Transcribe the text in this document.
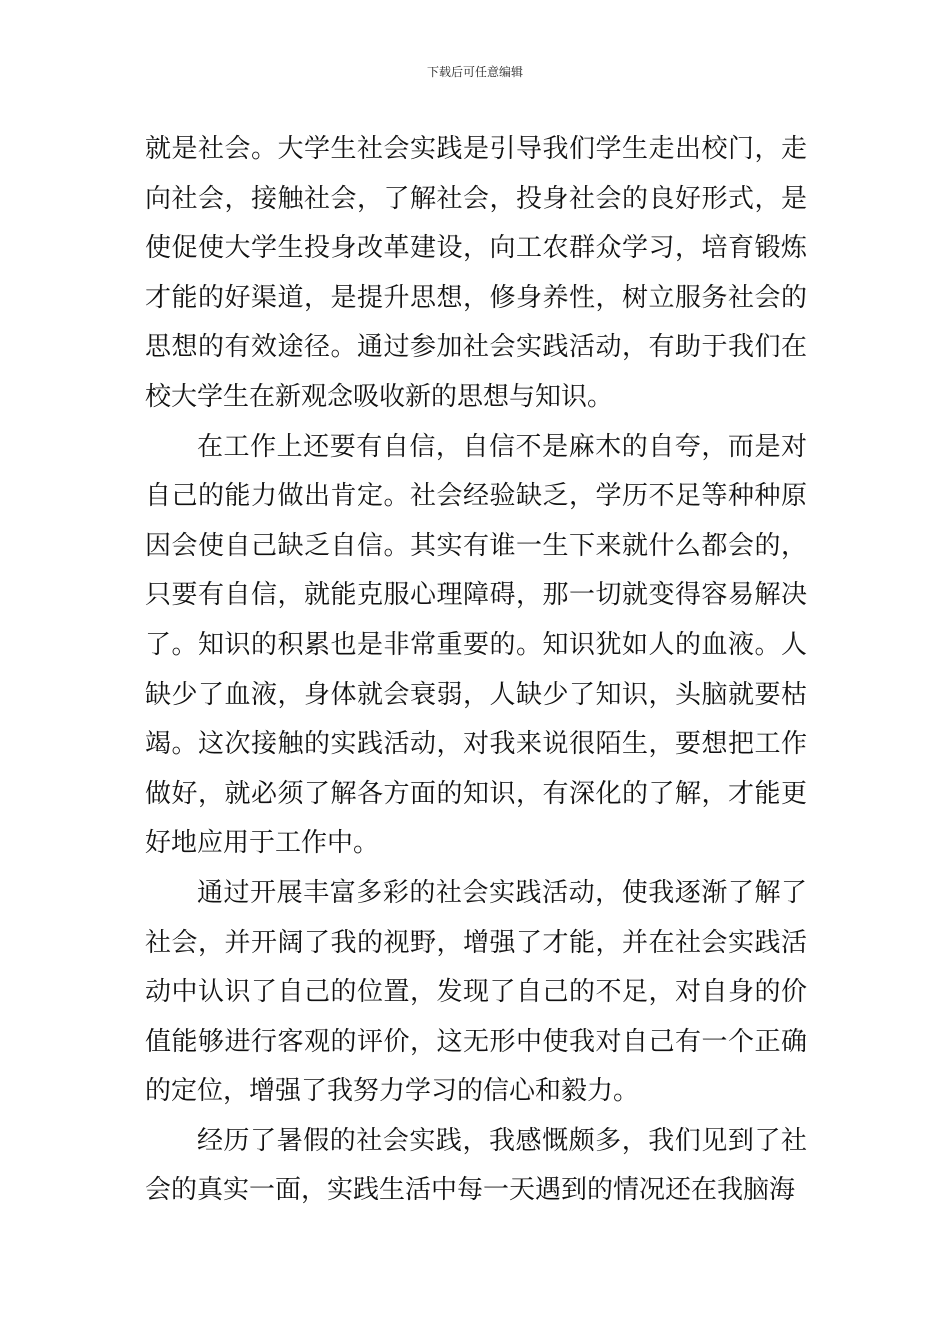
下载后可任意编辑

就是社会。大学生社会实践是引导我们学生走出校门，走向社会，接触社会，了解社会，投身社会的良好形式，是使促使大学生投身改革建设，向工农群众学习，培育锻炼才能的好渠道，是提升思想，修身养性，树立服务社会的思想的有效途径。通过参加社会实践活动，有助于我们在校大学生在新观念吸收新的思想与知识。

在工作上还要有自信，自信不是麻木的自夸，而是对自己的能力做出肯定。社会经验缺乏，学历不足等种种原因会使自己缺乏自信。其实有谁一生下来就什么都会的，只要有自信，就能克服心理障碍，那一切就变得容易解决了。知识的积累也是非常重要的。知识犹如人的血液。人缺少了血液，身体就会衰弱，人缺少了知识，头脑就要枯竭。这次接触的实践活动，对我来说很陌生，要想把工作做好，就必须了解各方面的知识，有深化的了解，才能更好地应用于工作中。

通过开展丰富多彩的社会实践活动，使我逐渐了解了社会，并开阔了我的视野，增强了才能，并在社会实践活动中认识了自己的位置，发现了自己的不足，对自身的价值能够进行客观的评价，这无形中使我对自己有一个正确的定位，增强了我努力学习的信心和毅力。

经历了暑假的社会实践，我感慨颇多，我们见到了社会的真实一面，实践生活中每一天遇到的情况还在我脑海
